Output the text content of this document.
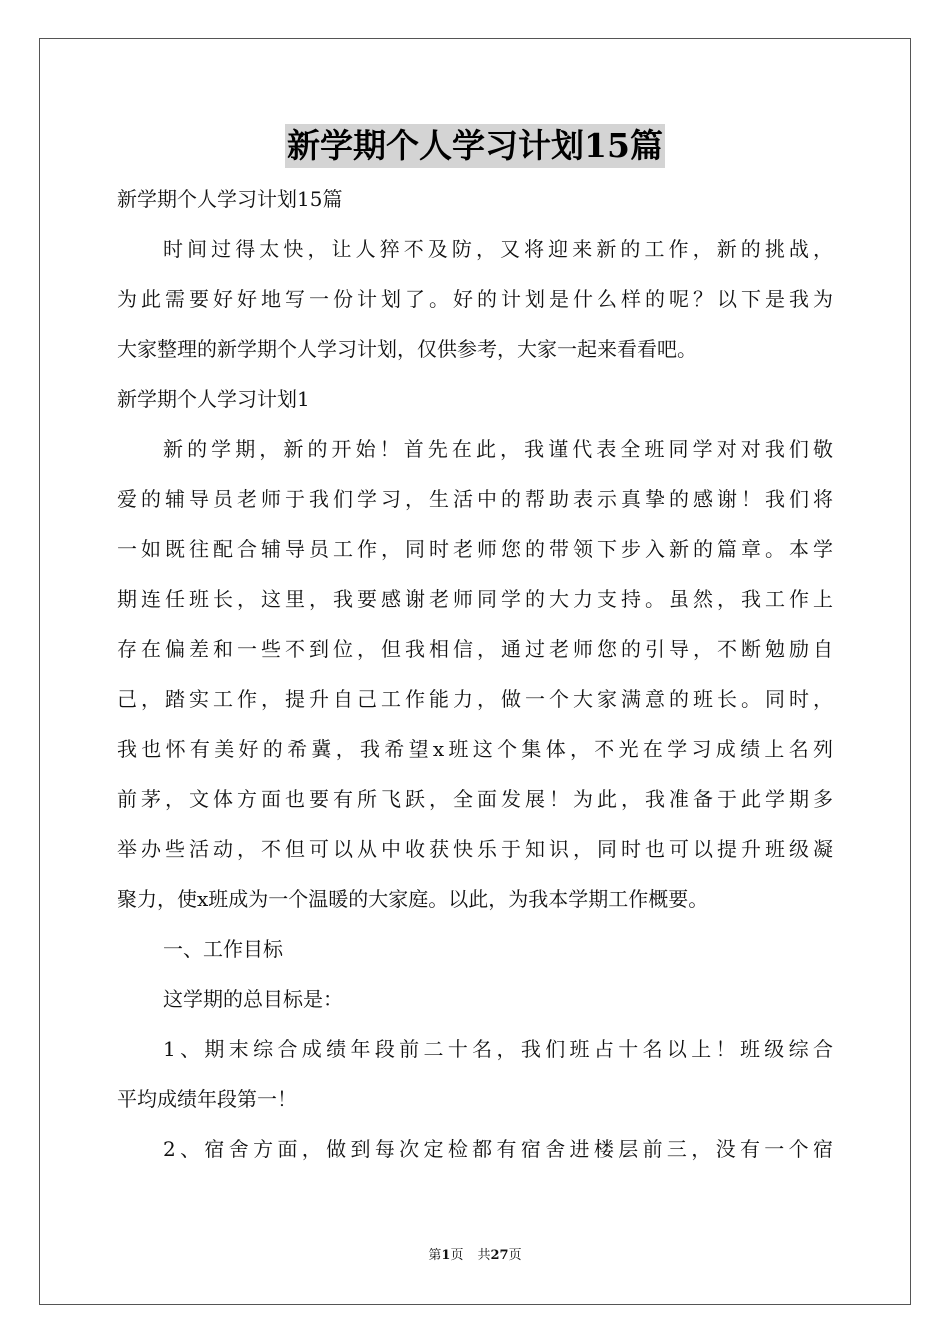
新学期个人学习计划15篇
新学期个人学习计划15篇
时间过得太快，让人猝不及防，又将迎来新的工作，新的挑战，
为此需要好好地写一份计划了。好的计划是什么样的呢？以下是我为
大家整理的新学期个人学习计划，仅供参考，大家一起来看看吧。
新学期个人学习计划1
新的学期，新的开始！首先在此，我谨代表全班同学对对我们敬
爱的辅导员老师于我们学习，生活中的帮助表示真挚的感谢！我们将
一如既往配合辅导员工作，同时老师您的带领下步入新的篇章。本学
期连任班长，这里，我要感谢老师同学的大力支持。虽然，我工作上
存在偏差和一些不到位，但我相信，通过老师您的引导，不断勉励自
己，踏实工作，提升自己工作能力，做一个大家满意的班长。同时，
我也怀有美好的希冀，我希望x班这个集体，不光在学习成绩上名列
前茅，文体方面也要有所飞跃，全面发展！为此，我准备于此学期多
举办些活动，不但可以从中收获快乐于知识，同时也可以提升班级凝
聚力，使x班成为一个温暖的大家庭。以此，为我本学期工作概要。
一、工作目标
这学期的总目标是：
1、期末综合成绩年段前二十名，我们班占十名以上！班级综合
平均成绩年段第一！
2、宿舍方面，做到每次定检都有宿舍进楼层前三，没有一个宿
第1页 共27页
